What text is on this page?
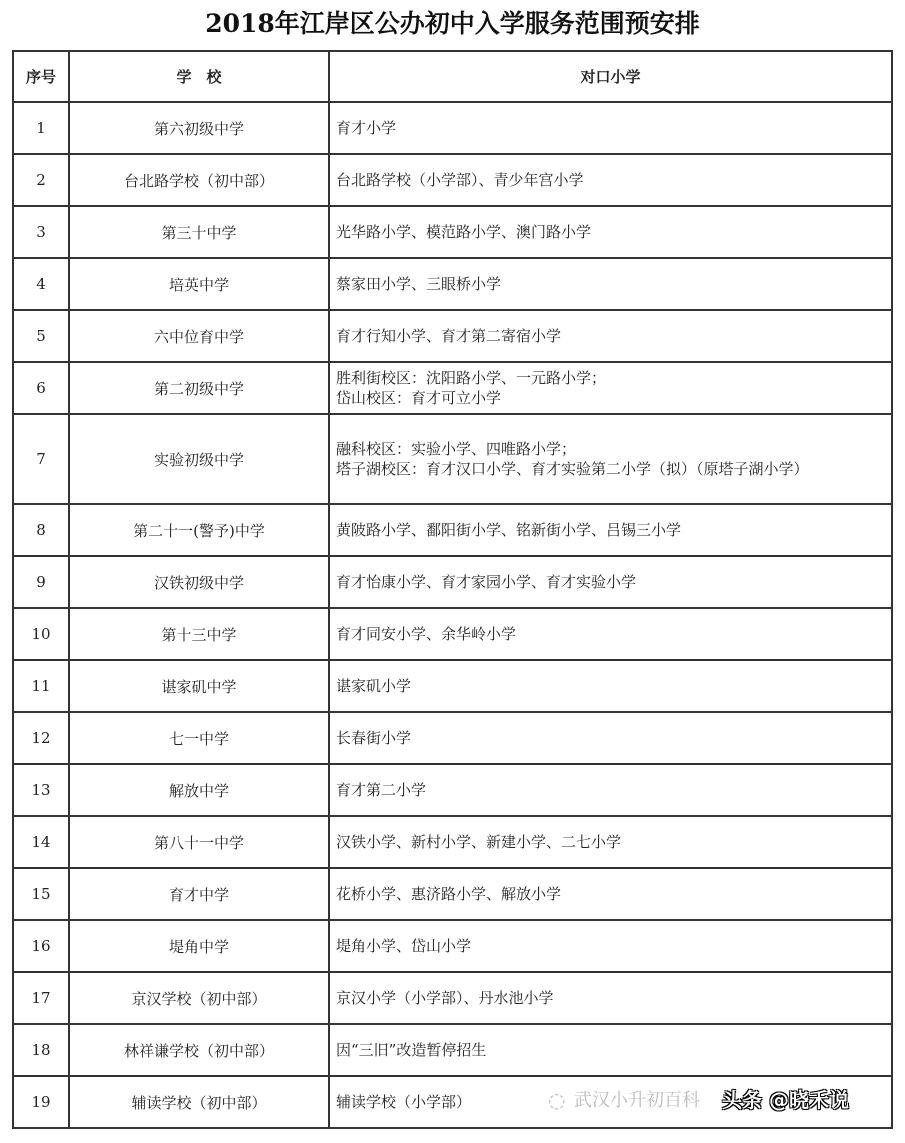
2018年江岸区公办初中入学服务范围预安排
序号	学　校	对口小学
1	第六初级中学	育才小学
2	台北路学校（初中部）	台北路学校（小学部）、青少年宫小学
3	第三十中学	光华路小学、模范路小学、澳门路小学
4	培英中学	蔡家田小学、三眼桥小学
5	六中位育中学	育才行知小学、育才第二寄宿小学
6	第二初级中学	胜利街校区：沈阳路小学、一元路小学；
岱山校区：育才可立小学
7	实验初级中学	融科校区：实验小学、四唯路小学；
塔子湖校区：育才汉口小学、育才实验第二小学（拟）（原塔子湖小学）
8	第二十一(警予)中学	黄陂路小学、鄱阳街小学、铭新街小学、吕锡三小学
9	汉铁初级中学	育才怡康小学、育才家园小学、育才实验小学
10	第十三中学	育才同安小学、余华岭小学
11	谌家矶中学	谌家矶小学
12	七一中学	长春街小学
13	解放中学	育才第二小学
14	第八十一中学	汉铁小学、新村小学、新建小学、二七小学
15	育才中学	花桥小学、惠济路小学、解放小学
16	堤角中学	堤角小学、岱山小学
17	京汉学校（初中部）	京汉小学（小学部）、丹水池小学
18	林祥谦学校（初中部）	因“三旧”改造暂停招生
19	辅读学校（初中部）	辅读学校（小学部）	◌ 武汉小升初百科 头条 @晓禾说
